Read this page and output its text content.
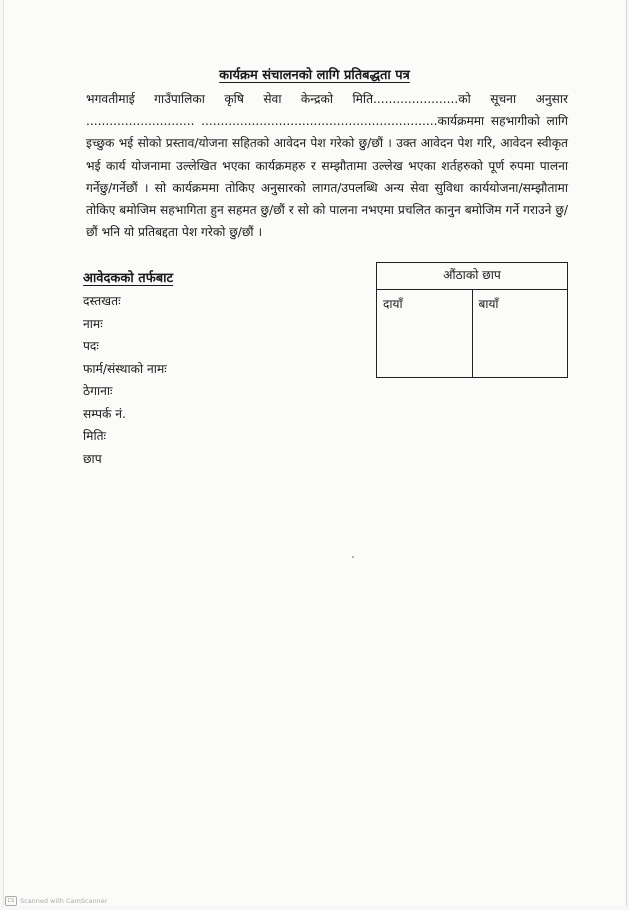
कार्यक्रम संचालनको लागि प्रतिबद्धता पत्र

भगवतीमाई गाउँपालिका कृषि सेवा केन्द्रको मिति......................को सूचना अनुसार ............................ .............................................................कार्यक्रममा सहभागीको लागि इच्छुक भई सोको प्रस्ताव/योजना सहितको आवेदन पेश गरेको छु/छौं । उक्त आवेदन पेश गरि, आवेदन स्वीकृत भई कार्य योजनामा उल्लेखित भएका कार्यक्रमहरु र सम्झौतामा उल्लेख भएका शर्तहरुको पूर्ण रुपमा पालना गर्नेछु/गर्नेछौं । सो कार्यक्रममा तोकिए अनुसारको लागत/उपलब्धि अन्य सेवा सुविधा कार्ययोजना/सम्झौतामा तोकिए बमोजिम सहभागिता हुन सहमत छु/छौं र सो को पालना नभएमा प्रचलित कानुन बमोजिम गर्ने गराउने छु/छौं भनि यो प्रतिबद्दता पेश गरेको छु/छौं ।

आवेदकको तर्फबाट
दस्तखतः
नामः
पदः
फार्म/संस्थाको नामः
ठेगानाः
सम्पर्क नं.
मितिः
छाप
औंठाको छाप
दायाँ	बायाँ
CS Scanned with CamScanner
